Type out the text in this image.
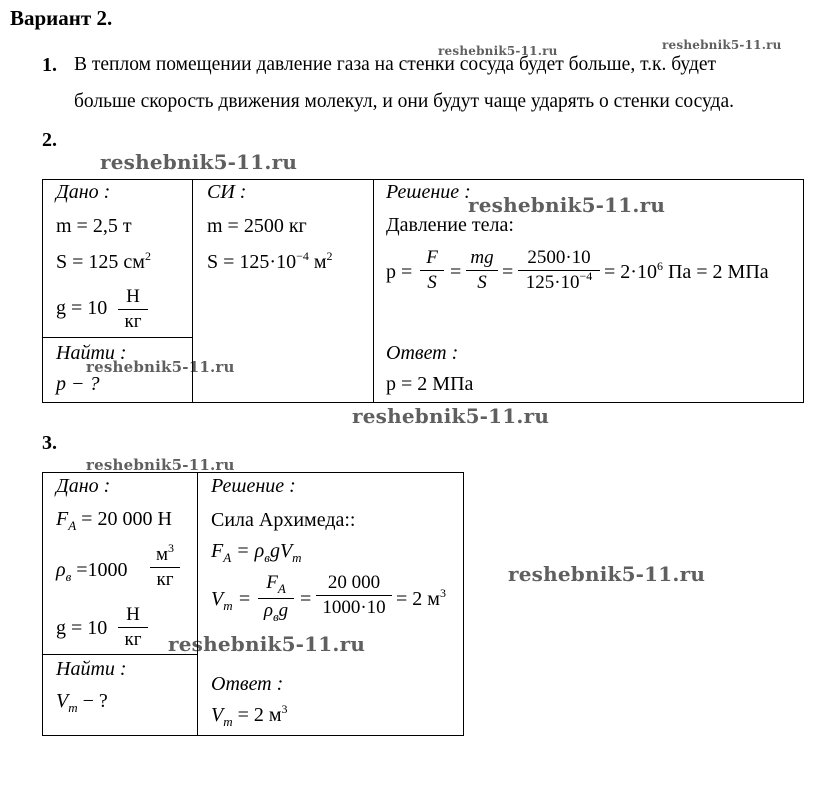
Вариант 2.
reshebnik5-11.ru	reshebnik5-11.ru
reshebnik5-11.ru
reshebnik5-11.ru
reshebnik5-11.ru
reshebnik5-11.ru
reshebnik5-11.ru
reshebnik5-11.ru
reshebnik5-11.ru
1. В теплом помещении давление газа на стенки сосуда будет больше, т.к. будет
больше скорость движения молекул, и они будут чаще ударять о стенки сосуда.
2.
Дано :
m = 2,5 т
S = 125 $см^2$
g = 10
Н
кг
Найти :
p − ?
СИ :
m = 2500 кг
$S = 125\cdot 10^{-4}$ $м^2$
Решение :
Давление тела:
p =
F
S =
mg
S =
2500·10
$125\cdot 10^{-4} = 2\cdot 10^6$ Па = 2 МПа
Ответ :
p = 2 МПа
3.
Дано :
$F_A = 20$ 000 Н
$\rho_в =1000$
$м^3$
кг
g = 10
Н
кг
Найти :
$V_т$ − ?
Решение :
Сила Архимеда::
$F_A = \rho_вgV_т$
$V_т$ =
$F_A$
$\rho_вg$
=
20 000
1000·10 = 2 $м^3$
Ответ :
$V_т = 2$ $м^3$
